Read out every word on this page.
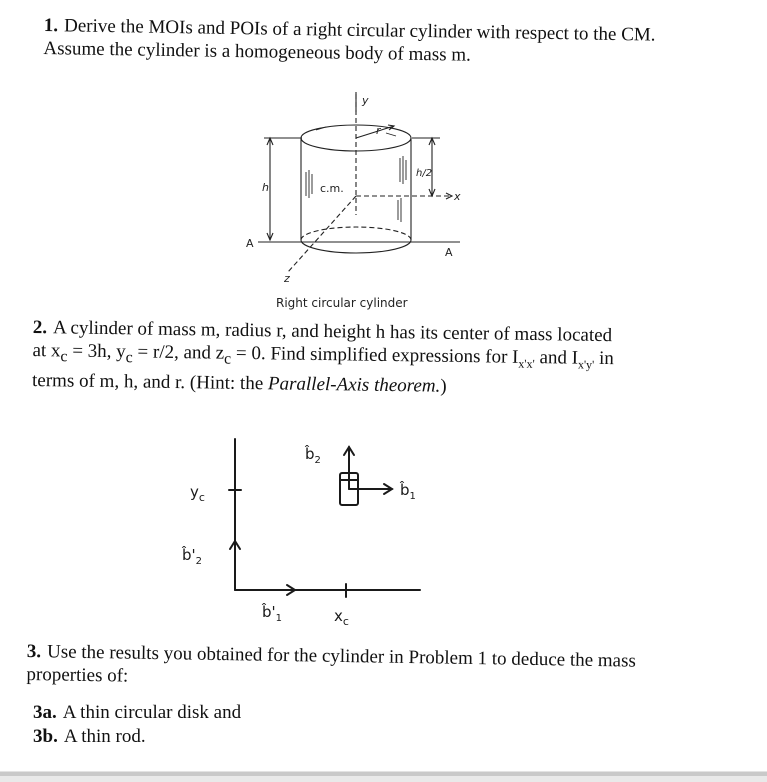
1. Derive the MOIs and POIs of a right circular cylinder with respect to the CM. Assume the cylinder is a homogeneous body of mass m.

y
r
h
h/2
c.m.
x
z
A
A
Right circular cylinder
2. A cylinder of mass m, radius r, and height h has its center of mass located
at $x_c = 3h$, $y_c = r/2$, and $z_c = 0$. Find simplified expressions for $I_{x'x'}$ and $I_{x'y'}$ in
terms of m, h, and r. (Hint: the Parallel-Axis theorem.)
$y_c$
$b̂_2$
$b̂_1$
$b̂'_2$
$b̂'_1$	$x_c$

3. Use the results you obtained for the cylinder in Problem 1 to deduce the mass properties of:

3a. A thin circular disk and
3b. A thin rod.
